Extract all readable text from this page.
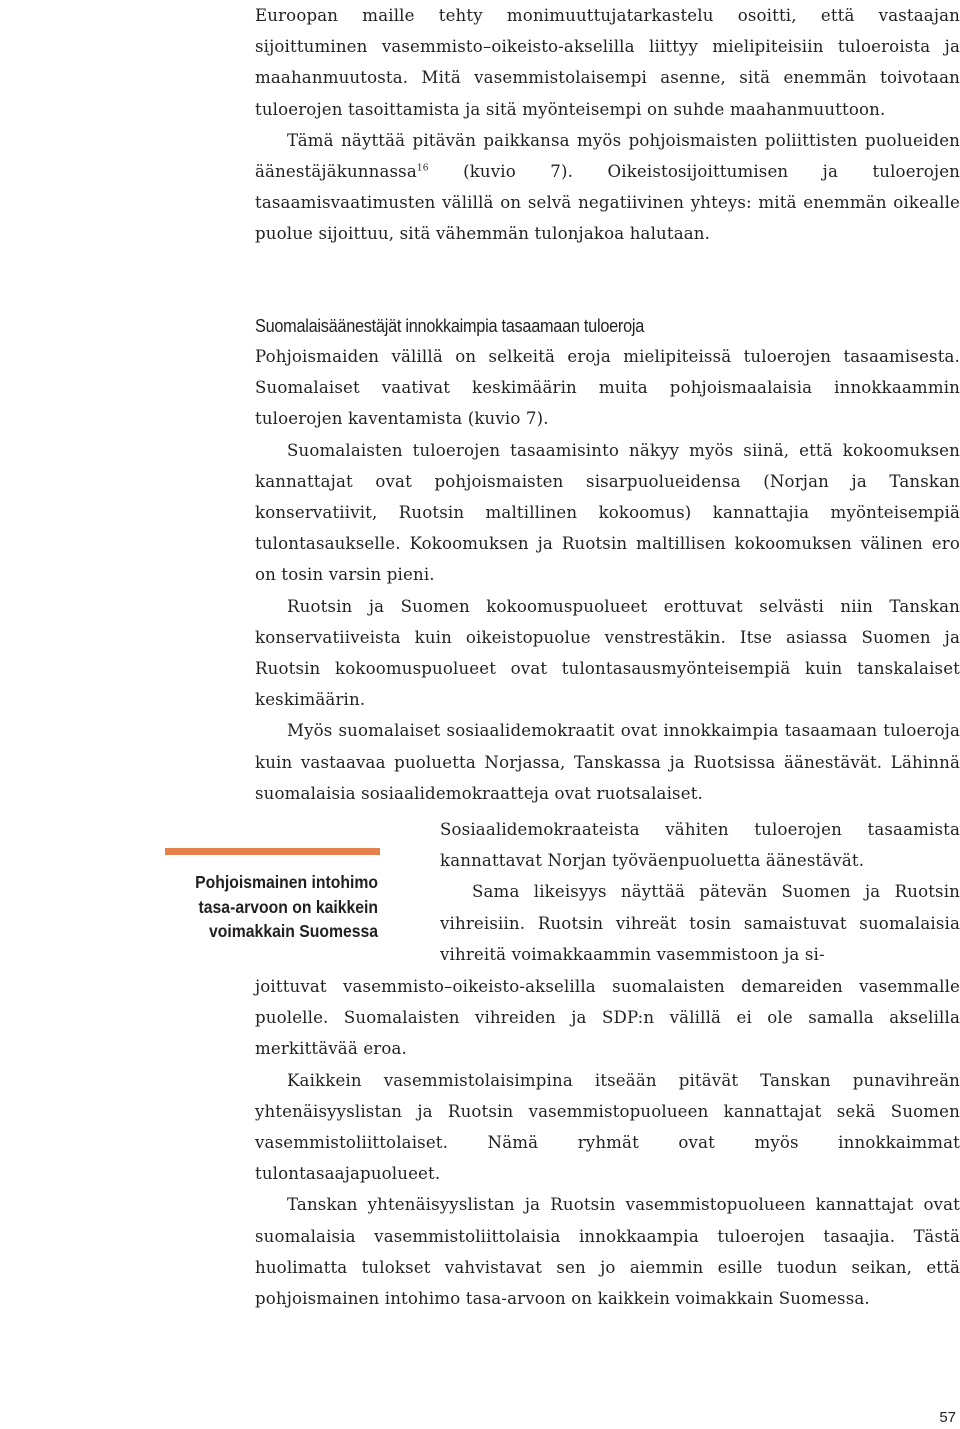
Euroopan maille tehty monimuuttujatarkastelu osoitti, että vastaajan sijoittuminen vasemmisto–oikeisto-akselilla liittyy mielipiteisiin tuloeroista ja maahanmuutosta. Mitä vasemmistolaisempi asenne, sitä enemmän toivotaan tuloerojen tasoittamista ja sitä myönteisempi on suhde maahanmuuttoon.

Tämä näyttää pitävän paikkansa myös pohjoismaisten poliittisten puolueiden äänestäjäkunnassa$^{16}$ (kuvio 7). Oikeistosijoittumisen ja tuloerojen tasaamisvaatimusten välillä on selvä negatiivinen yhteys: mitä enemmän oikealle puolue sijoittuu, sitä vähemmän tulonjakoa halutaan.

Suomalaisäänestäjät innokkaimpia tasaamaan tuloeroja

Pohjoismaiden välillä on selkeitä eroja mielipiteissä tuloerojen tasaamisesta. Suomalaiset vaativat keskimäärin muita pohjoismaalaisia innokkaammin tuloerojen kaventamista (kuvio 7).

Suomalaisten tuloerojen tasaamisinto näkyy myös siinä, että kokoomuksen kannattajat ovat pohjoismaisten sisarpuolueidensa (Norjan ja Tanskan konservatiivit, Ruotsin maltillinen kokoomus) kannattajia myönteisempiä tulontasaukselle. Kokoomuksen ja Ruotsin maltillisen kokoomuksen välinen ero on tosin varsin pieni.

Ruotsin ja Suomen kokoomuspuolueet erottuvat selvästi niin Tanskan konservatiiveista kuin oikeistopuolue venstrestäkin. Itse asiassa Suomen ja Ruotsin kokoomuspuolueet ovat tulontasausmyönteisempiä kuin tanskalaiset keskimäärin.

Myös suomalaiset sosiaalidemokraatit ovat innokkaimpia tasaamaan tuloeroja kuin vastaavaa puoluetta Norjassa, Tanskassa ja Ruotsissa äänestävät. Lähinnä suomalaisia sosiaalidemokraatteja ovat ruotsalaiset.

Sosiaalidemokraateista vähiten tuloerojen tasaamista kannattavat Norjan työväenpuoluetta äänestävät.

Sama likeisyys näyttää pätevän Suomen ja Ruotsin vihreisiin. Ruotsin vihreät tosin samaistuvat suomalaisia vihreitä voimakkaammin vasemmistoon ja si-

Pohjoismainen intohimo
tasa-arvoon on kaikkein
voimakkain Suomessa

joittuvat vasemmisto–oikeisto-akselilla suomalaisten demareiden vasemmalle puolelle. Suomalaisten vihreiden ja SDP:n välillä ei ole samalla akselilla merkittävää eroa.

Kaikkein vasemmistolaisimpina itseään pitävät Tanskan punavihreän yhtenäisyyslistan ja Ruotsin vasemmistopuolueen kannattajat sekä Suomen vasemmistoliittolaiset. Nämä ryhmät ovat myös innokkaimmat tulontasaajapuolueet.

Tanskan yhtenäisyyslistan ja Ruotsin vasemmistopuolueen kannattajat ovat suomalaisia vasemmistoliittolaisia innokkaampia tuloerojen tasaajia. Tästä huolimatta tulokset vahvistavat sen jo aiemmin esille tuodun seikan, että pohjoismainen intohimo tasa-arvoon on kaikkein voimakkain Suomessa.

57
